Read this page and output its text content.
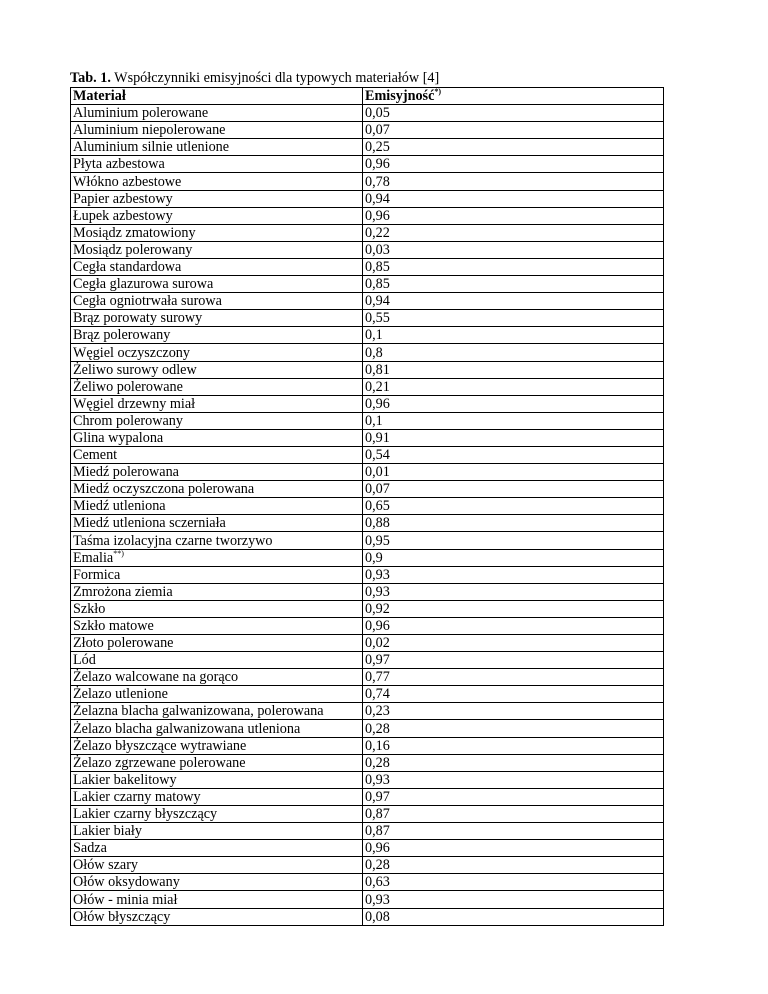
Tab. 1. Współczynniki emisyjności dla typowych materiałów [4]
Materiał	Emisyjność*)
Aluminium polerowane	0,05
Aluminium niepolerowane	0,07
Aluminium silnie utlenione	0,25
Płyta azbestowa	0,96
Włókno azbestowe	0,78
Papier azbestowy	0,94
Łupek azbestowy	0,96
Mosiądz zmatowiony	0,22
Mosiądz polerowany	0,03
Cegła standardowa	0,85
Cegła glazurowa surowa	0,85
Cegła ogniotrwała surowa	0,94
Brąz porowaty surowy	0,55
Brąz polerowany	0,1
Węgiel oczyszczony	0,8
Żeliwo surowy odlew	0,81
Żeliwo polerowane	0,21
Węgiel drzewny miał	0,96
Chrom polerowany	0,1
Glina wypalona	0,91
Cement	0,54
Miedź polerowana	0,01
Miedź oczyszczona polerowana	0,07
Miedź utleniona	0,65
Miedź utleniona sczerniała	0,88
Taśma izolacyjna czarne tworzywo	0,95
Emalia**)	0,9
Formica	0,93
Zmrożona ziemia	0,93
Szkło	0,92
Szkło matowe	0,96
Złoto polerowane	0,02
Lód	0,97
Żelazo walcowane na gorąco	0,77
Żelazo utlenione	0,74
Żelazna blacha galwanizowana, polerowana	0,23
Żelazo blacha galwanizowana utleniona	0,28
Żelazo błyszczące wytrawiane	0,16
Żelazo zgrzewane polerowane	0,28
Lakier bakelitowy	0,93
Lakier czarny matowy	0,97
Lakier czarny błyszczący	0,87
Lakier biały	0,87
Sadza	0,96
Ołów szary	0,28
Ołów oksydowany	0,63
Ołów - minia miał	0,93
Ołów błyszczący	0,08
